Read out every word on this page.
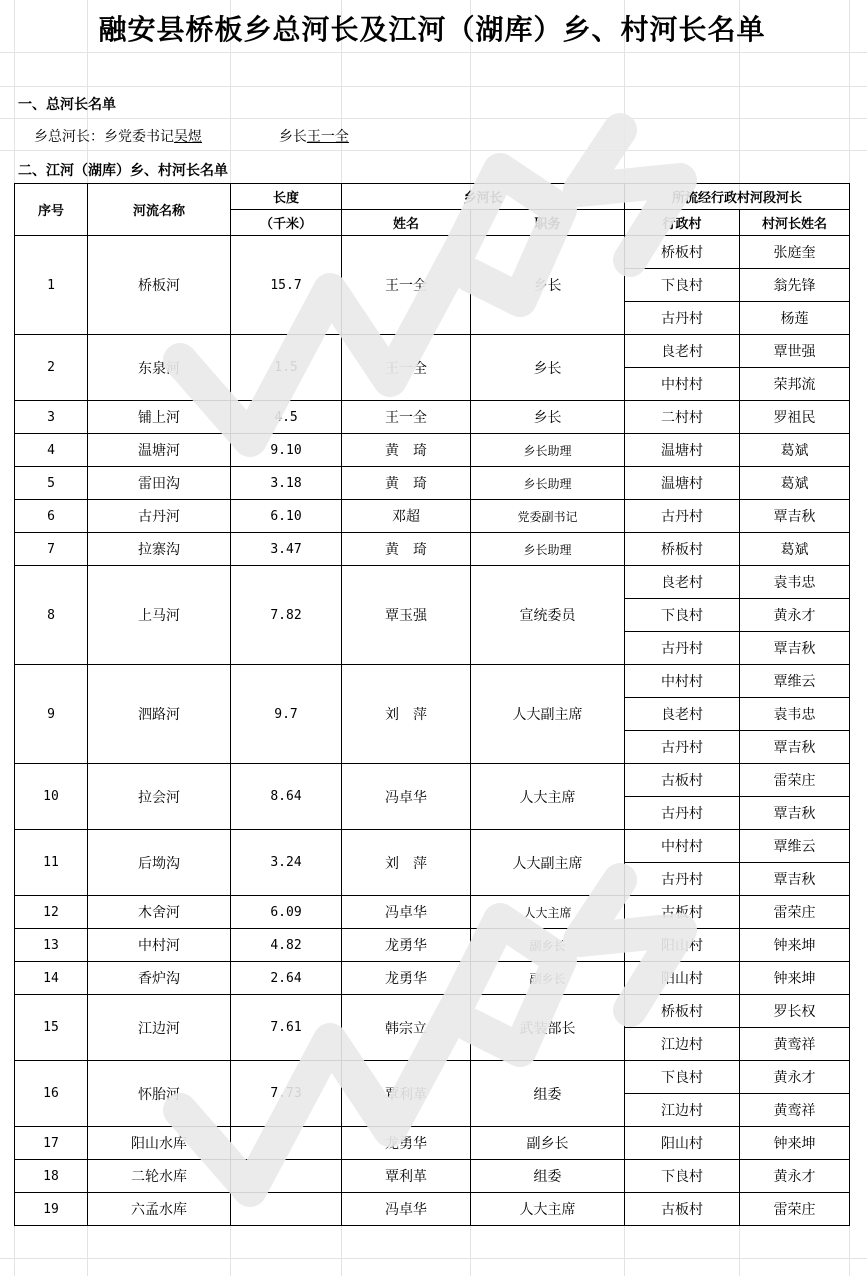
融安县桥板乡总河长及江河（湖库）乡、村河长名单
一、总河长名单
乡总河长：乡党委书记吴煜	乡长王一全
二、江河（湖库）乡、村河长名单
序号	河流名称	长度	乡河长		所流经行政村河段河长	
		（千米）	姓名	职务	行政村	村河长姓名
1	桥板河	15.7	王一全	乡长	桥板村	张庭奎
					下良村	翁先锋
					古丹村	杨莲
2	东泉河	1.5	王一全	乡长	良老村	覃世强
					中村村	荣邦流
3	铺上河	4.5	王一全	乡长	二村村	罗祖民
4	温塘河	9.10	黄　琦	乡长助理	温塘村	葛斌
5	雷田沟	3.18	黄　琦	乡长助理	温塘村	葛斌
6	古丹河	6.10	邓超	党委副书记	古丹村	覃吉秋
7	拉寨沟	3.47	黄　琦	乡长助理	桥板村	葛斌
8	上马河	7.82	覃玉强	宣统委员	良老村	袁韦忠
					下良村	黄永才
					古丹村	覃吉秋
9	泗路河	9.7	刘　萍	人大副主席	中村村	覃维云
					良老村	袁韦忠
					古丹村	覃吉秋
10	拉会河	8.64	冯卓华	人大主席	古板村	雷荣庄
					古丹村	覃吉秋
11	后坳沟	3.24	刘　萍	人大副主席	中村村	覃维云
					古丹村	覃吉秋
12	木舍河	6.09	冯卓华	人大主席	古板村	雷荣庄
13	中村河	4.82	龙勇华	副乡长	阳山村	钟来坤
14	香炉沟	2.64	龙勇华	副乡长	阳山村	钟来坤
15	江边河	7.61	韩宗立	武装部长	桥板村	罗长权
					江边村	黄鸾祥
16	怀胎河	7.73	覃利革	组委	下良村	黄永才
					江边村	黄鸾祥
17	阳山水库		龙勇华	副乡长	阳山村	钟来坤
18	二轮水库		覃利革	组委	下良村	黄永才
19	六孟水库		冯卓华	人大主席	古板村	雷荣庄
